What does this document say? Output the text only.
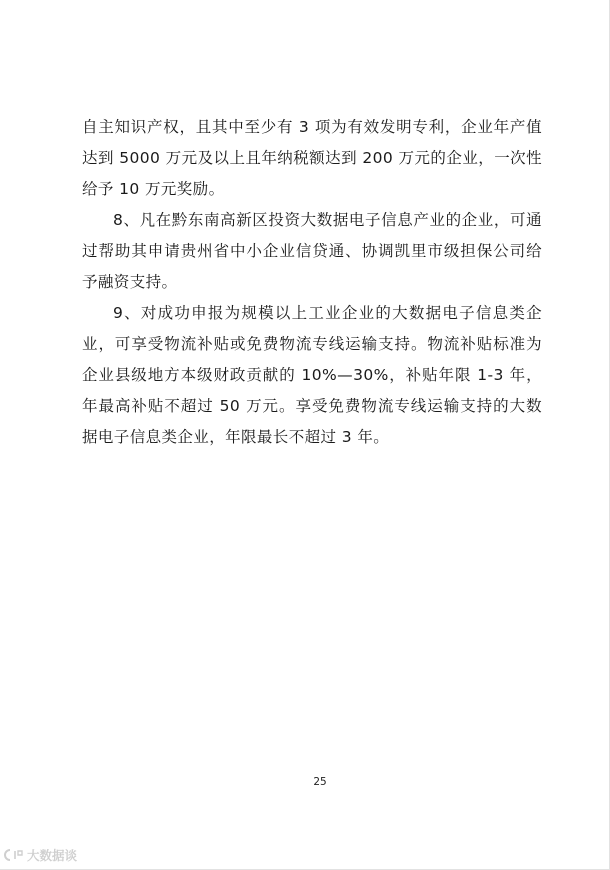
自主知识产权，且其中至少有 3 项为有效发明专利，企业年产值达到 5000 万元及以上且年纳税额达到 200 万元的企业，一次性给予 10 万元奖励。

8、凡在黔东南高新区投资大数据电子信息产业的企业，可通过帮助其申请贵州省中小企业信贷通、协调凯里市级担保公司给予融资支持。

9、对成功申报为规模以上工业企业的大数据电子信息类企业，可享受物流补贴或免费物流专线运输支持。物流补贴标准为企业县级地方本级财政贡献的 10%—30%，补贴年限 1-3 年，年最高补贴不超过 50 万元。享受免费物流专线运输支持的大数据电子信息类企业，年限最长不超过 3 年。

25
大数据谈
